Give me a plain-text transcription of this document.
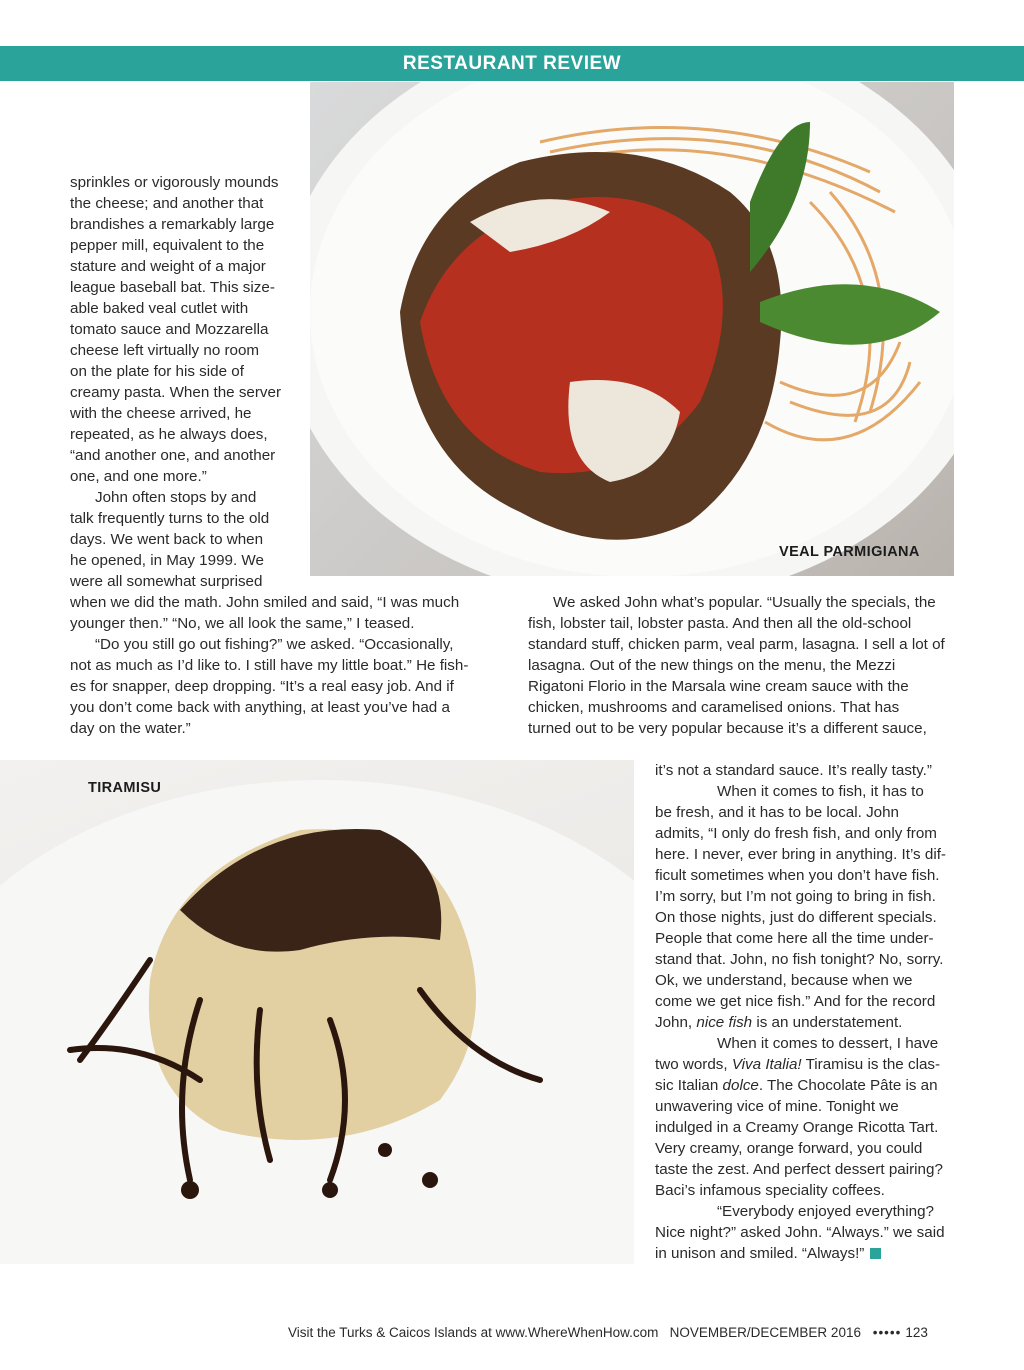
RESTAURANT REVIEW
VEAL PARMIGIANA
TIRAMISU

sprinkles or vigorously mounds
the cheese; and another that
brandishes a remarkably large
pepper mill, equivalent to the
stature and weight of a major
league baseball bat. This size-
able baked veal cutlet with
tomato sauce and Mozzarella
cheese left virtually no room
on the plate for his side of
creamy pasta. When the server
with the cheese arrived, he
repeated, as he always does,
“and another one, and another
one, and one more.”

John often stops by and

talk frequently turns to the old
days. We went back to when
he opened, in May 1999. We
were all somewhat surprised

when we did the math. John smiled and said, “I was much
younger then.” “No, we all look the same,” I teased.

“Do you still go out fishing?” we asked. “Occasionally,

not as much as I’d like to. I still have my little boat.” He fish-
es for snapper, deep dropping. “It’s a real easy job. And if
you don’t come back with anything, at least you’ve had a
day on the water.”

We asked John what’s popular. “Usually the specials, the

fish, lobster tail, lobster pasta. And then all the old-school
standard stuff, chicken parm, veal parm, lasagna. I sell a lot of
lasagna. Out of the new things on the menu, the Mezzi
Rigatoni Florio in the Marsala wine cream sauce with the
chicken, mushrooms and caramelised onions. That has
turned out to be very popular because it’s a different sauce,

it’s not a standard sauce. It’s really tasty.”

When it comes to fish, it has to

be fresh, and it has to be local. John
admits, “I only do fresh fish, and only from
here. I never, ever bring in anything. It’s dif-
ficult sometimes when you don’t have fish.
I’m sorry, but I’m not going to bring in fish.
On those nights, just do different specials.
People that come here all the time under-
stand that. John, no fish tonight? No, sorry.
Ok, we understand, because when we
come we get nice fish.” And for the record
John, nice fish is an understatement.

When it comes to dessert, I have

two words, Viva Italia! Tiramisu is the clas-
sic Italian dolce. The Chocolate Pâte is an
unwavering vice of mine. Tonight we
indulged in a Creamy Orange Ricotta Tart.
Very creamy, orange forward, you could
taste the zest. And perfect dessert pairing?
Baci’s infamous speciality coffees.

“Everybody enjoyed everything?

Nice night?” asked John. “Always.” we said
in unison and smiled. “Always!”

Visit the Turks & Caicos Islands at www.WhereWhenHow.com NOVEMBER/DECEMBER 2016 ••••• 123
